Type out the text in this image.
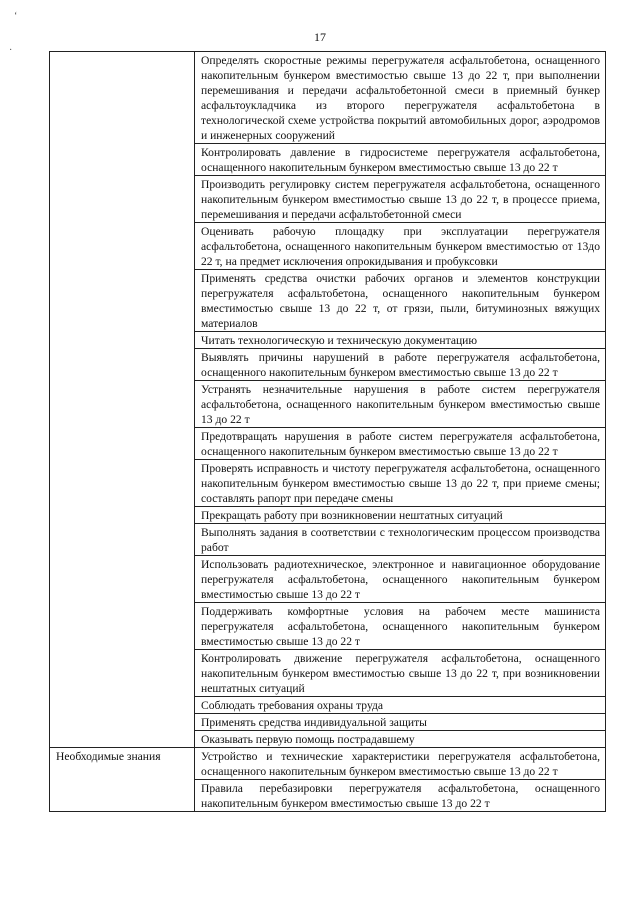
17
‘
·
	Определять скоростные режимы перегружателя асфальтобетона, оснащенного накопительным бункером вместимостью свыше 13 до 22 т, при выполнении перемешивания и передачи асфальтобетонной смеси в приемный бункер асфальтоукладчика из второго перегружателя асфальтобетона в технологической схеме устройства покрытий автомобильных дорог, аэродромов и инженерных сооружений
	Контролировать давление в гидросистеме перегружателя асфальтобетона, оснащенного накопительным бункером вместимостью свыше 13 до 22 т
	Производить регулировку систем перегружателя асфальтобетона, оснащенного накопительным бункером вместимостью свыше 13 до 22 т, в процессе приема, перемешивания и передачи асфальтобетонной смеси
	Оценивать рабочую площадку при эксплуатации перегружателя асфальтобетона, оснащенного накопительным бункером вместимостью от 13до 22 т, на предмет исключения опрокидывания и пробуксовки
	Применять средства очистки рабочих органов и элементов конструкции перегружателя асфальтобетона, оснащенного накопительным бункером вместимостью свыше 13 до 22 т, от грязи, пыли, битуминозных вяжущих материалов
	Читать технологическую и техническую документацию
	Выявлять причины нарушений в работе перегружателя асфальтобетона, оснащенного накопительным бункером вместимостью свыше 13 до 22 т
	Устранять незначительные нарушения в работе систем перегружателя асфальтобетона, оснащенного накопительным бункером вместимостью свыше 13 до 22 т
	Предотвращать нарушения в работе систем перегружателя асфальтобетона, оснащенного накопительным бункером вместимостью свыше 13 до 22 т
	Проверять исправность и чистоту перегружателя асфальтобетона, оснащенного накопительным бункером вместимостью свыше 13 до 22 т, при приеме смены; составлять рапорт при передаче смены
	Прекращать работу при возникновении нештатных ситуаций
	Выполнять задания в соответствии с технологическим процессом производства работ
	Использовать радиотехническое, электронное и навигационное оборудование перегружателя асфальтобетона, оснащенного накопительным бункером вместимостью свыше 13 до 22 т
	Поддерживать комфортные условия на рабочем месте машиниста перегружателя асфальтобетона, оснащенного накопительным бункером вместимостью свыше 13 до 22 т
	Контролировать движение перегружателя асфальтобетона, оснащенного накопительным бункером вместимостью свыше 13 до 22 т, при возникновении нештатных ситуаций
	Соблюдать требования охраны труда
	Применять средства индивидуальной защиты
	Оказывать первую помощь пострадавшему
Необходимые знания	Устройство и технические характеристики перегружателя асфальтобетона, оснащенного накопительным бункером вместимостью свыше 13 до 22 т
	Правила перебазировки перегружателя асфальтобетона, оснащенного накопительным бункером вместимостью свыше 13 до 22 т
